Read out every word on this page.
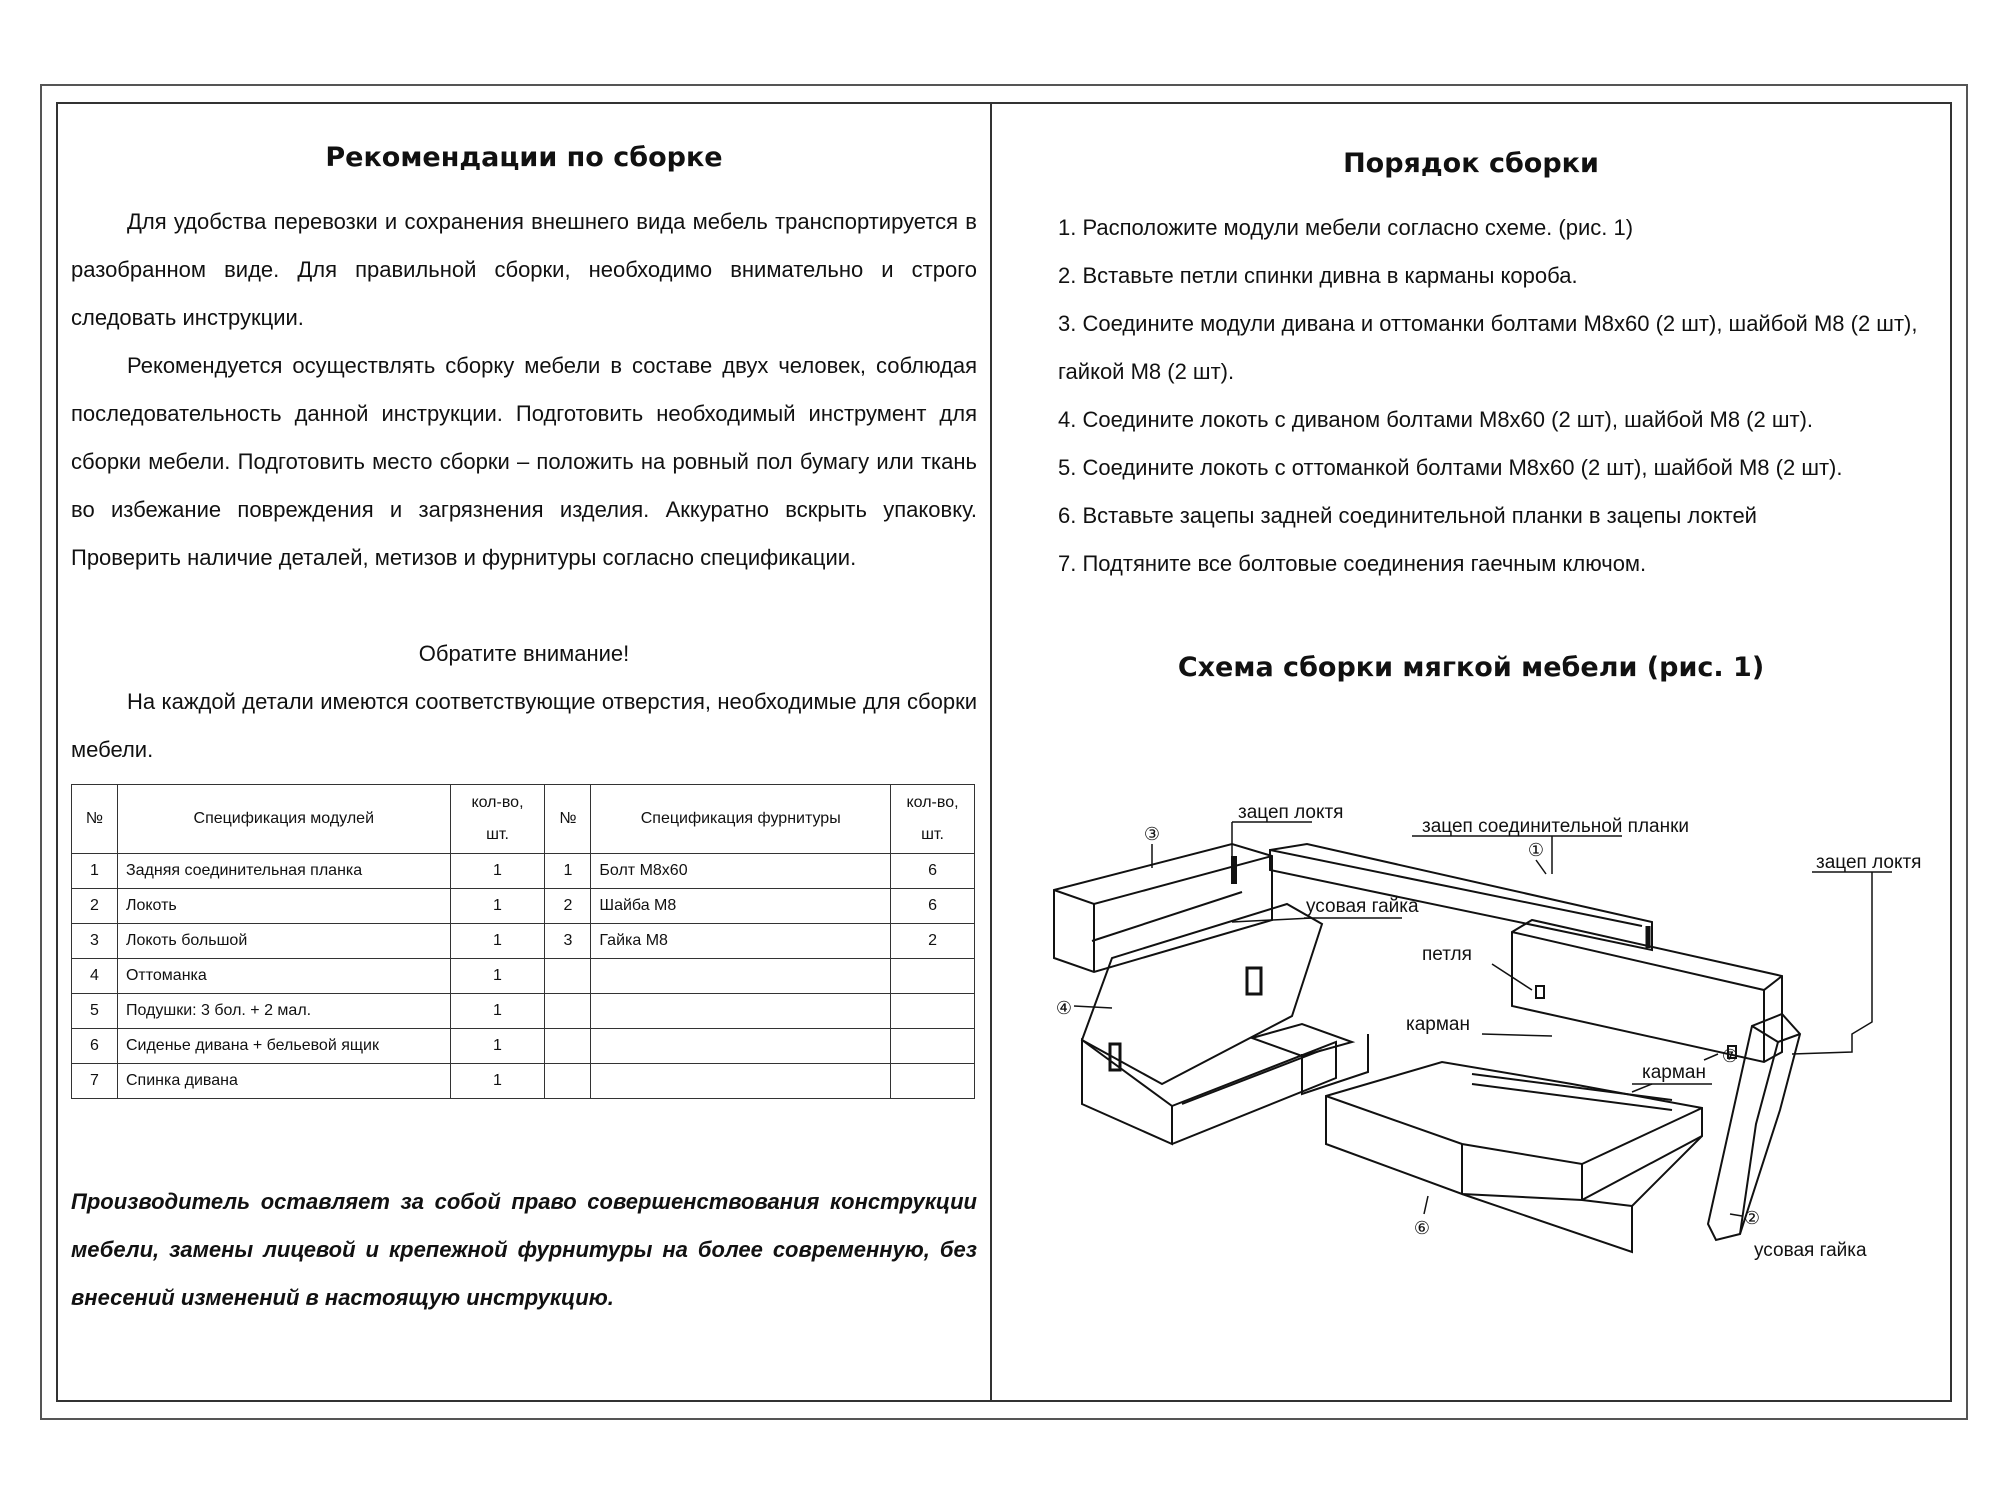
Рекомендации по сборке
Для удобства перевозки и сохранения внешнего вида мебель транспортируется в разобранном виде. Для правильной сборки, необходимо внимательно и строго следовать инструкции.
Рекомендуется осуществлять сборку мебели в составе двух человек, соблюдая последовательность данной инструкции. Подготовить необходимый инструмент для сборки мебели. Подготовить место сборки – положить на ровный пол бумагу или ткань во избежание повреждения и загрязнения изделия. Аккуратно вскрыть упаковку. Проверить наличие деталей, метизов и фурнитуры согласно спецификации.
Обратите внимание!
На каждой детали имеются соответствующие отверстия, необходимые для сборки мебели.
№	Спецификация модулей	кол-во, шт.	№	Спецификация фурнитуры	кол-во, шт.
1	Задняя соединительная планка	1	1	Болт М8х60	6
2	Локоть	1	2	Шайба М8	6
3	Локоть большой	1	3	Гайка М8	2
4	Оттоманка	1			
5	Подушки: 3 бол. + 2 мал.	1			
6	Сиденье дивана + бельевой ящик	1			
7	Спинка дивана	1			
Производитель оставляет за собой право совершенствования конструкции мебели, замены лицевой и крепежной фурнитуры на более современную, без внесений изменений в настоящую инструкцию.
Порядок сборки
1. Расположите модули мебели согласно схеме. (рис. 1)
2. Вставьте петли спинки дивна в карманы короба.
3. Соедините модули дивана и оттоманки болтами М8х60 (2 шт), шайбой М8 (2 шт), гайкой М8 (2 шт).
4. Соедините локоть с диваном болтами М8х60 (2 шт), шайбой М8 (2 шт).
5. Соедините локоть с оттоманкой болтами М8х60 (2 шт), шайбой М8 (2 шт).
6. Вставьте зацепы задней соединительной планки в зацепы локтей
7. Подтяните все болтовые соединения гаечным ключом.
Схема сборки мягкой мебели (рис. 1)
зацеп локтя
зацеп соединительной планки
зацеп локтя
усовая гайка
петля
карман
карман
усовая гайка
③
①
④
⑦
②
⑥
